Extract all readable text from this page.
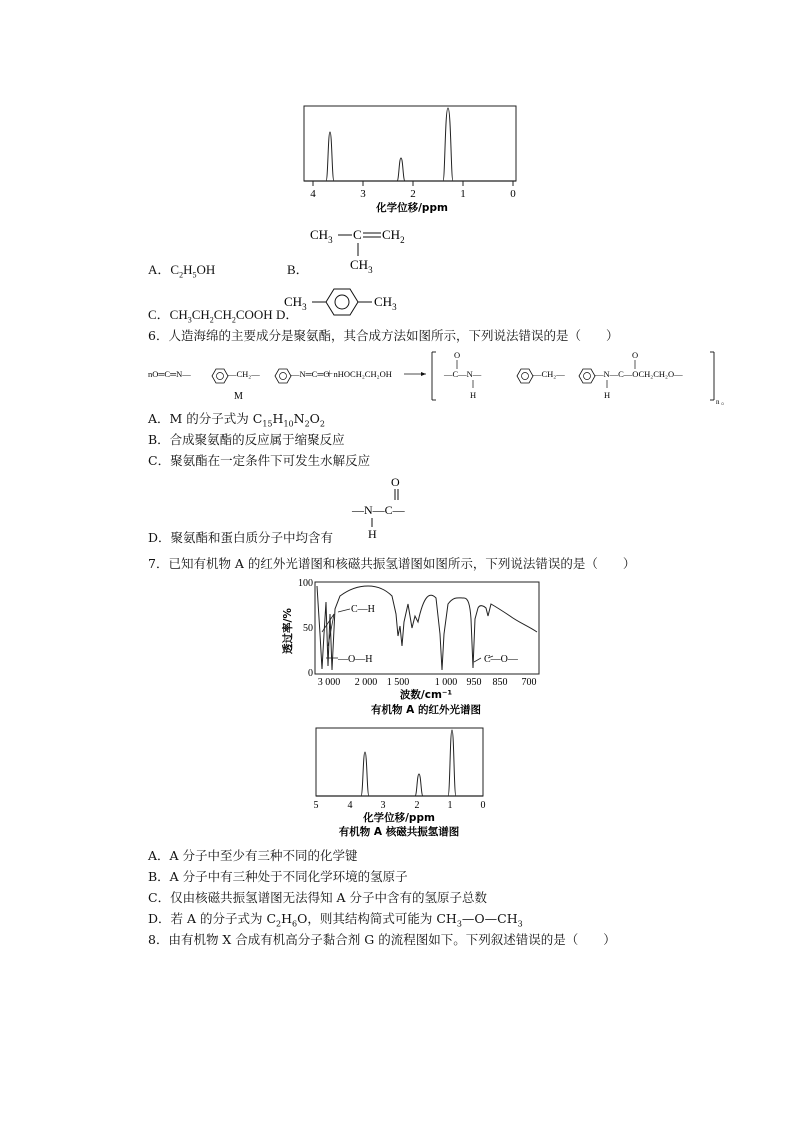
4	3	2	1	0
化学位移/ppm
$CH_3$ C $CH_2$
$CH_3$
A．$C_2H_5OH$	B．
C．$CH_3CH_2CH_2COOH$ D．
$CH_3$	$CH_3$
6．人造海绵的主要成分是聚氨酯，其合成方法如图所示，下列说法错误的是（　　）
nO═C═N—	—CH₂—	—N═C═O
＋nHOCH₂CH₂OH
M
O
—C—N—
H
—CH₂—	—N—C—OCH₂CH₂O—
H
O
n 。
A．M 的分子式为 $C_{15}H_{10}N_2O_2$
B．合成聚氨酯的反应属于缩聚反应
C．聚氨酯在一定条件下可发生水解反应
O
—N—C—
H
D．聚氨酯和蛋白质分子中均含有
7．已知有机物 A 的红外光谱图和核磁共振氢谱图如图所示，下列说法错误的是（　　）
100
50
0
透过率/%	C—H
—O—H	C—O—
3 000 2 000 1 500	1 000 950 850 700
波数/cm⁻¹
有机物 A 的红外光谱图
5	4	3	2	1	0
化学位移/ppm
有机物 A 核磁共振氢谱图
A．A 分子中至少有三种不同的化学键
B．A 分子中有三种处于不同化学环境的氢原子
C．仅由核磁共振氢谱图无法得知 A 分子中含有的氢原子总数
D．若 A 的分子式为 $C_2H_6O$，则其结构简式可能为 $CH_3—O—CH_3$
8．由有机物 X 合成有机高分子黏合剂 G 的流程图如下。下列叙述错误的是（　　）
